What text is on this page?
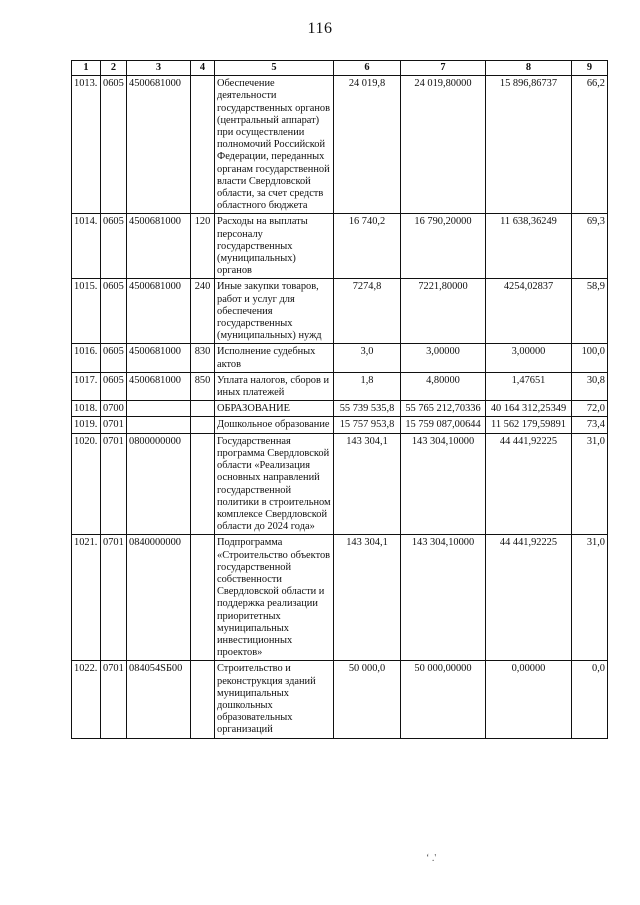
116
1	2	3	4	5	6	7	8	9
1013.	0605	4500681000		Обеспечение деятельности государственных органов (центральный аппарат) при осуществлении полномочий Российской Федерации, переданных органам государственной власти Свердловской области, за счет средств областного бюджета	24 019,8	24 019,80000	15 896,86737	66,2
1014.	0605	4500681000	120	Расходы на выплаты персоналу государственных (муниципальных) органов	16 740,2	16 790,20000	11 638,36249	69,3
1015.	0605	4500681000	240	Иные закупки товаров, работ и услуг для обеспечения государственных (муниципальных) нужд	7274,8	7221,80000	4254,02837	58,9
1016.	0605	4500681000	830	Исполнение судебных актов	3,0	3,00000	3,00000	100,0
1017.	0605	4500681000	850	Уплата налогов, сборов и иных платежей	1,8	4,80000	1,47651	30,8
1018.	0700			ОБРАЗОВАНИЕ	55 739 535,8	55 765 212,70336	40 164 312,25349	72,0
1019.	0701			Дошкольное образование	15 757 953,8	15 759 087,00644	11 562 179,59891	73,4
1020.	0701	0800000000		Государственная программа Свердловской области «Реализация основных направлений государственной политики в строительном комплексе Свердловской области до 2024 года»	143 304,1	143 304,10000	44 441,92225	31,0
1021.	0701	0840000000		Подпрограмма «Строительство объектов государственной собственности Свердловской области и поддержка реализации приоритетных муниципальных инвестиционных проектов»	143 304,1	143 304,10000	44 441,92225	31,0
1022.	0701	084054SБ00		Строительство и реконструкция зданий муниципальных дошкольных образовательных организаций	50 000,0	50 000,00000	0,00000	0,0
‘ .'
